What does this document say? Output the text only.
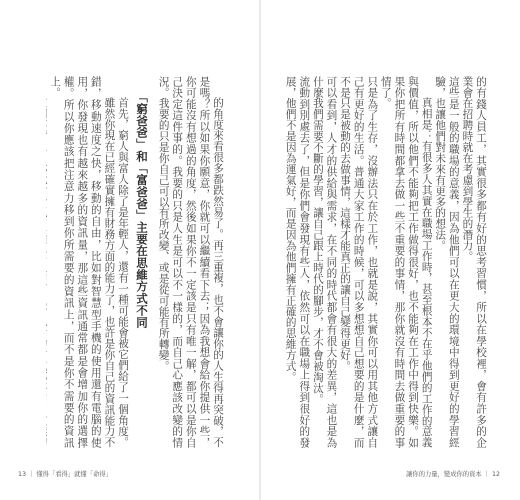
的角度來看很多都跌然易了。再三重複，也不會讓你的人生得再突破，不是嗎？所以如果你願意，你就可以繼續看下去；因為我想會給你提供一些，你可能沒有想過的角度，然後如果你不一定該是只有唯一解，都可以是你自己決定這件事的。我要的只是人生是可以不一樣的，而自己心應該改變的情況。我要的只是你自己可以有所改變、或是從可能有所轉變。

「窮爸爸」和「富爸爸」主要在思維方式不同

首先，窮人與富人除了是年輕人，還有一種可能會被它們給了一個角度。

雖然你現在已經確實擁有財務方面的能力了，也許是你自己的資訊能力不錯，移動速度之快，移動的自由，比如對智慧型手機的使用還有電腦的使用，你發現也有越來越多的資訊量，那這些資訊通常都是會增加你的選擇權。所以你應該把注意力移到你所需要的資訊上，而不是你不需要的資訊上。

13 ｜ 懂得「看得」就懂「命得」

的有錢人員工，其實很多都有好的思考習慣，所以在學校裡，會有許多的企業會在招聘時就在考慮到學生的潛力。

這些是一般的職場的意義，因為他們可以在更大的環境中得到更好的學習經驗，也讓他們對未來有更多的想法。

真相是：有很多人其實在職場工作時，甚至根本不在乎他們的工作的意義與價值，所以他們不能夠把工作做得很好，也不能夠在工作中得到快樂。如果你把所有時間都拿去做一些不重要的事情，那你就沒有時間去做重要的事情了。

只是為了生存，沒辦法只在於工作，也就是說，其實你可以用其他方式讓自己有更好的生活。普通大家工作的時候，可以多想想自己想要的是什麼，而不是只是被動的去做事情，這樣才能真正的讓自己變得更好。

可以看到，人才的供給與需求，在不同的時代都會有很大的差異，這也是為什麼我們需要不斷的學習，讓自己跟上時代的腳步，才不會被淘汰。

流動到別處去了，但是你們會發現有些人，依然可以在職場上得到很好的發展，他們不是因為運氣好，而是因為他們擁有正確的思維方式。

讓你的力量，變成你的資本 ｜ 12
